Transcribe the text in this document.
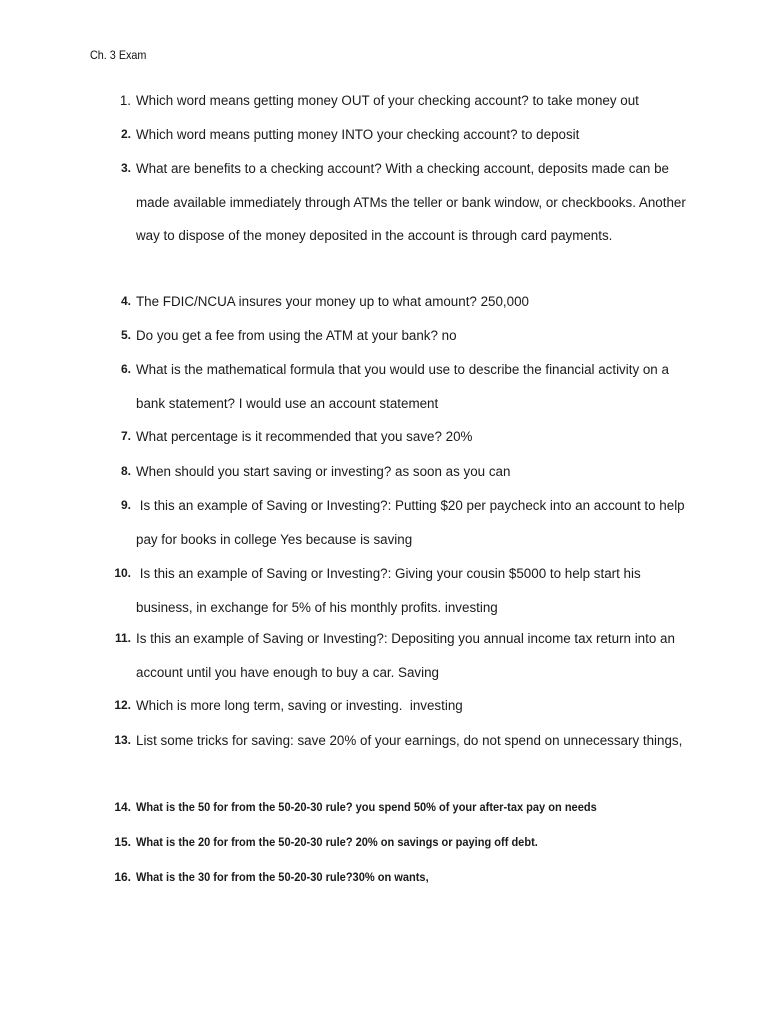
Ch. 3 Exam
1. Which word means getting money OUT of your checking account? to take money out
2. Which word means putting money INTO your checking account? to deposit
3. What are benefits to a checking account? With a checking account, deposits made can be made available immediately through ATMs the teller or bank window, or checkbooks. Another way to dispose of the money deposited in the account is through card payments.
4. The FDIC/NCUA insures your money up to what amount? 250,000
5. Do you get a fee from using the ATM at your bank? no
6. What is the mathematical formula that you would use to describe the financial activity on a bank statement? I would use an account statement
7. What percentage is it recommended that you save? 20%
8. When should you start saving or investing? as soon as you can
9. Is this an example of Saving or Investing?: Putting $20 per paycheck into an account to help pay for books in college Yes because is saving
10. Is this an example of Saving or Investing?: Giving your cousin $5000 to help start his business, in exchange for 5% of his monthly profits. investing
11. Is this an example of Saving or Investing?: Depositing you annual income tax return into an account until you have enough to buy a car. Saving
12. Which is more long term, saving or investing.  investing
13. List some tricks for saving: save 20% of your earnings, do not spend on unnecessary things,
14. What is the 50 for from the 50-20-30 rule? you spend 50% of your after-tax pay on needs
15. What is the 20 for from the 50-20-30 rule? 20% on savings or paying off debt.
16. What is the 30 for from the 50-20-30 rule?30% on wants,
